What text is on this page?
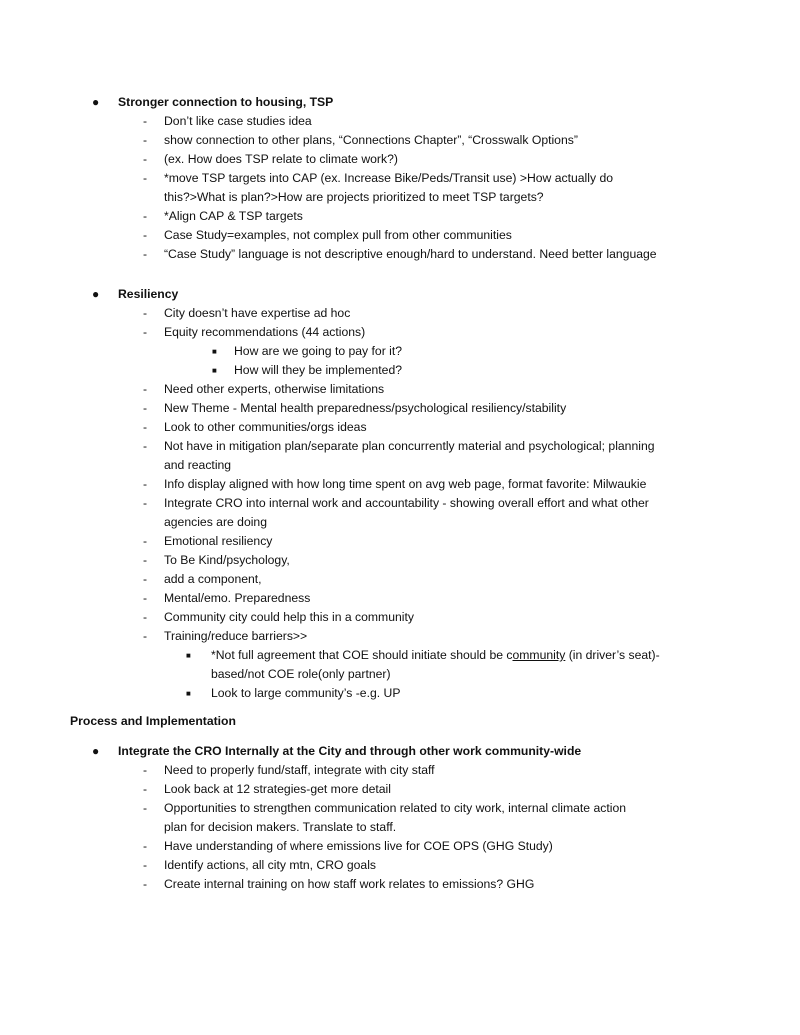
● Stronger connection to housing, TSP
- Don’t like case studies idea
- show connection to other plans, “Connections Chapter”, “Crosswalk Options”
- (ex. How does TSP relate to climate work?)
- *move TSP targets into CAP (ex. Increase Bike/Peds/Transit use) >How actually do
this?>What is plan?>How are projects prioritized to meet TSP targets?
- *Align CAP & TSP targets
- Case Study=examples, not complex pull from other communities
- “Case Study” language is not descriptive enough/hard to understand. Need better language
● Resiliency
- City doesn’t have expertise ad hoc
- Equity recommendations (44 actions)
■ How are we going to pay for it?
■ How will they be implemented?
- Need other experts, otherwise limitations
- New Theme - Mental health preparedness/psychological resiliency/stability
- Look to other communities/orgs ideas
- Not have in mitigation plan/separate plan concurrently material and psychological; planning
and reacting
- Info display aligned with how long time spent on avg web page, format favorite: Milwaukie
- Integrate CRO into internal work and accountability - showing overall effort and what other
agencies are doing
- Emotional resiliency
- To Be Kind/psychology,
- add a component,
- Mental/emo. Preparedness
- Community city could help this in a community
- Training/reduce barriers>>
■ *Not full agreement that COE should initiate should be community (in driver’s seat)-
based/not COE role(only partner)
■ Look to large community’s -e.g. UP
Process and Implementation
● Integrate the CRO Internally at the City and through other work community-wide
- Need to properly fund/staff, integrate with city staff
- Look back at 12 strategies-get more detail
- Opportunities to strengthen communication related to city work, internal climate action
plan for decision makers. Translate to staff.
- Have understanding of where emissions live for COE OPS (GHG Study)
- Identify actions, all city mtn, CRO goals
- Create internal training on how staff work relates to emissions? GHG
